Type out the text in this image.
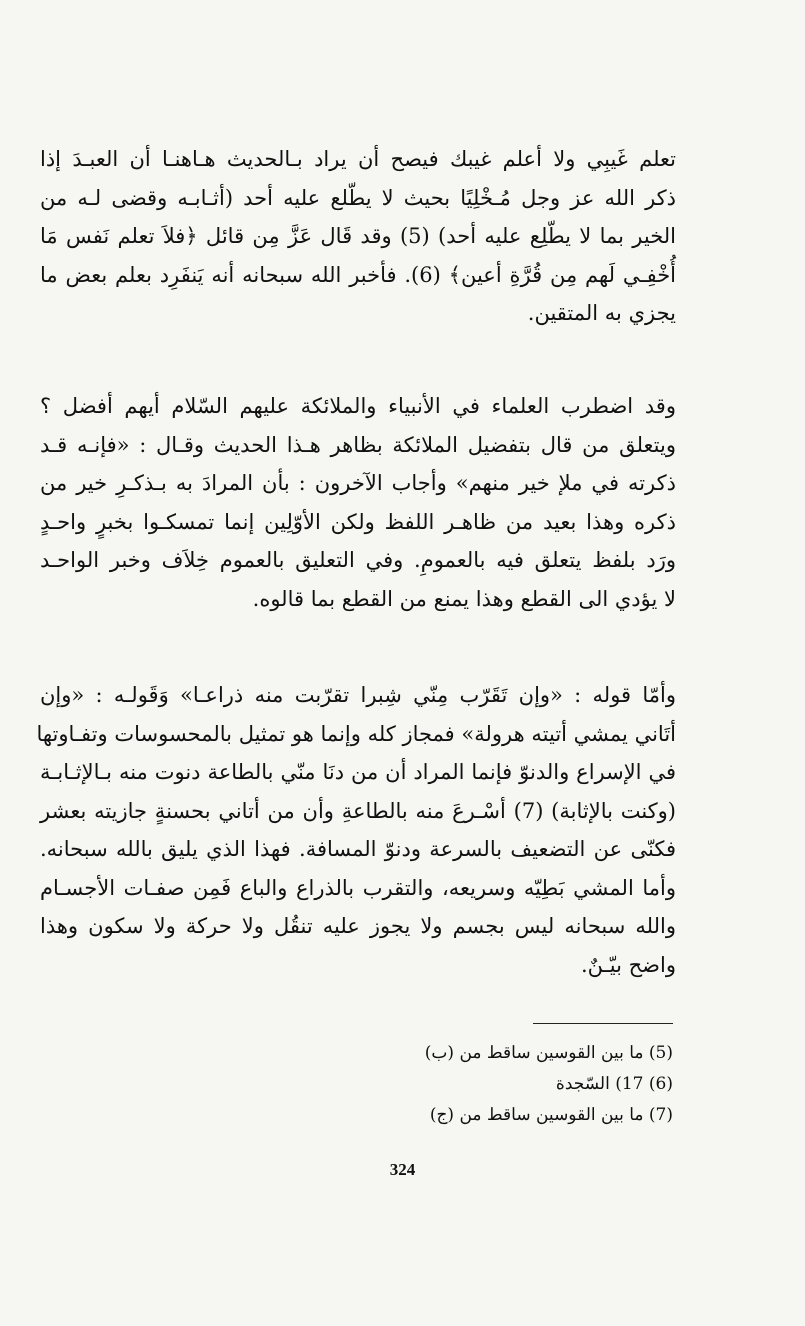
تعلم غَيبِي ولا أعلم غيبك فيصح أن يراد بـالحديث هـاهنـا أن العبـدَ إذا
ذكر الله عز وجل مُـخْلِيًا بحيث لا يطّلع عليه أحد (أثـابـه وقضى لـه من
الخير بما لا يطّلِع عليه أحد) (5) وقد قَال عَزَّ مِن قائل ﴿فلاَ تعلم نَفس مَا
أُخْفِـي لَهم مِن قُرَّةِ أعين﴾ (6). فأخبر الله سبحانه أنه يَنفَرِد بعلم بعض ما
يجزي به المتقين.
وقد اضطرب العلماء في الأنبياء والملائكة عليهم السّلام أيهم أفضل ؟
ويتعلق من قال بتفضيل الملائكة بظاهر هـذا الحديث وقـال : «فإنـه قـد
ذكرته في ملإ خير منهم» وأجاب الآخرون : بأن المرادَ به بـذكـرِ خير من
ذكره وهذا بعيد من ظاهـر اللفظ ولكن الأوّلِين إنما تمسكـوا بخبرٍ واحـدٍ
ورَد بلفظ يتعلق فيه بالعمومِ. وفي التعليق بالعموم خِلاَف وخبر الواحـد
لا يؤدي الى القطع وهذا يمنع من القطع بما قالوه.
وأمّا قوله : «وإن تَقَرّب مِنّي شِبرا تقرّبت منه ذراعـا» وَقَولـه : «وإن
أتَاني يمشي أتيته هرولة» فمجاز كله وإنما هو تمثيل بالمحسوسات وتفـاوتها
في الإسراع والدنوّ فإنما المراد أن من دنَا منّي بالطاعة دنوت منه بـالإثـابـة
(وكنت بالإثابة) (7) أسْـرعَ منه بالطاعةِ وأن من أتاني بحسنةٍ جازيته بعشر
فكنّى عن التضعيف بالسرعة ودنوّ المسافة. فهذا الذي يليق بالله سبحانه.
وأما المشي بَطِيّه وسريعه، والتقرب بالذراع والباع فَمِن صفـات الأجسـام
والله سبحانه ليس بجسم ولا يجوز عليه تنقُل ولا حركة ولا سكون وهذا
واضح بيّـنٌ.
(5) ما بين القوسين ساقط من (ب)
(6) 17) السّجدة
(7) ما بين القوسين ساقط من (ج)
324
